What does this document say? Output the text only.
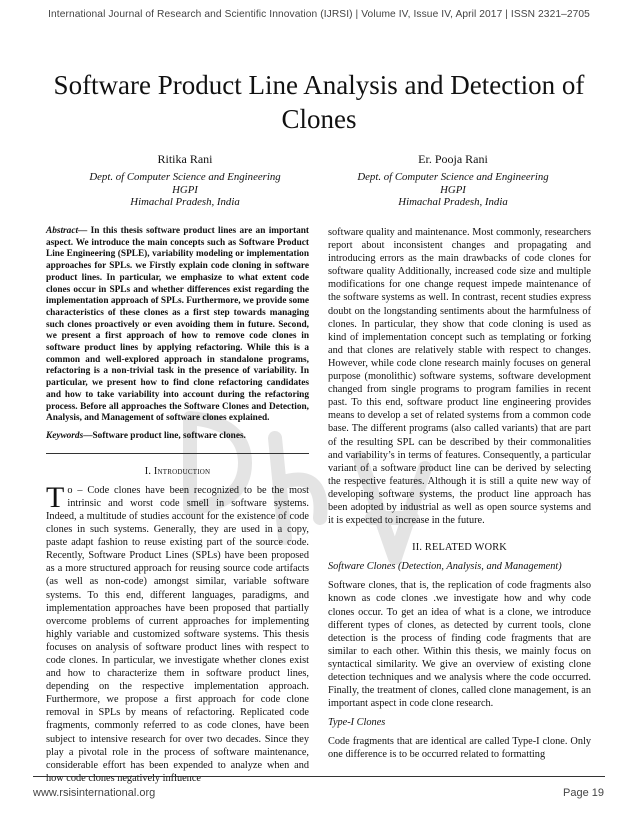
International Journal of Research and Scientific Innovation (IJRSI) | Volume IV, Issue IV, April 2017 | ISSN 2321–2705
Software Product Line Analysis and Detection of
Clones
Ritika Rani
Dept. of Computer Science and Engineering
HGPI
Himachal Pradesh, India
Er. Pooja Rani
Dept. of Computer Science and Engineering
HGPI
Himachal Pradesh, India
Abstract— In this thesis software product lines are an important aspect. We introduce the main concepts such as Software Product Line Engineering (SPLE), variability modeling or implementation approaches for SPLs. we Firstly explain code cloning in software product lines. In particular, we emphasize to what extent code clones occur in SPLs and whether differences exist regarding the implementation approach of SPLs. Furthermore, we provide some characteristics of these clones as a first step towards managing such clones proactively or even avoiding them in future. Second, we present a first approach of how to remove code clones in software product lines by applying refactoring. While this is a common and well-explored approach in standalone programs, refactoring is a non-trivial task in the presence of variability. In particular, we present how to find clone refactoring candidates and how to take variability into account during the refactoring process. Before all approaches the Software Clones and Detection, Analysis, and Management of software clones explained.
Keywords—Software product line, software clones.
I. Introduction

To – Code clones have been recognized to be the most intrinsic and worst code smell in software systems. Indeed, a multitude of studies account for the existence of code clones in such systems. Generally, they are used in a copy, paste adapt fashion to reuse existing part of the source code. Recently, Software Product Lines (SPLs) have been proposed as a more structured approach for reusing source code artifacts (as well as non-code) amongst similar, variable software systems. To this end, different languages, paradigms, and implementation approaches have been proposed that partially overcome problems of current approaches for implementing highly variable and customized software systems. This thesis focuses on analysis of software product lines with respect to code clones. In particular, we investigate whether clones exist and how to characterize them in software product lines, depending on the respective implementation approach. Furthermore, we propose a first approach for code clone removal in SPLs by means of refactoring. Replicated code fragments, commonly referred to as code clones, have been subject to intensive research for over two decades. Since they play a pivotal role in the process of software maintenance, considerable effort has been expended to analyze when and how code clones negatively influence

software quality and maintenance. Most commonly, researchers report about inconsistent changes and propagating and introducing errors as the main drawbacks of code clones for software quality Additionally, increased code size and multiple modifications for one change request impede maintenance of the software systems as well. In contrast, recent studies express doubt on the longstanding sentiments about the harmfulness of clones. In particular, they show that code cloning is used as kind of implementation concept such as templating or forking and that clones are relatively stable with respect to changes. However, while code clone research mainly focuses on general purpose (monolithic) software systems, software development changed from single programs to program families in recent past. To this end, software product line engineering provides means to develop a set of related systems from a common code base. The different programs (also called variants) that are part of the resulting SPL can be described by their commonalities and variability’s in terms of features. Consequently, a particular variant of a software product line can be derived by selecting the respective features. Although it is still a quite new way of developing software systems, the product line approach has been adopted by industrial as well as open source systems and it is expected to increase in the future.

II. RELATED WORK
Software Clones (Detection, Analysis, and Management)

Software clones, that is, the replication of code fragments also known as code clones .we investigate how and why code clones occur. To get an idea of what is a clone, we introduce different types of clones, as detected by current tools, clone detection is the process of finding code fragments that are similar to each other. Within this thesis, we mainly focus on syntactical similarity. We give an overview of existing clone detection techniques and we analysis where the code occurred. Finally, the treatment of clones, called clone management, is an important aspect in code clone research.

Type-I Clones

Code fragments that are identical are called Type-I clone. Only one difference is to be occurred related to formatting

www.rsisinternational.org	Page 19
